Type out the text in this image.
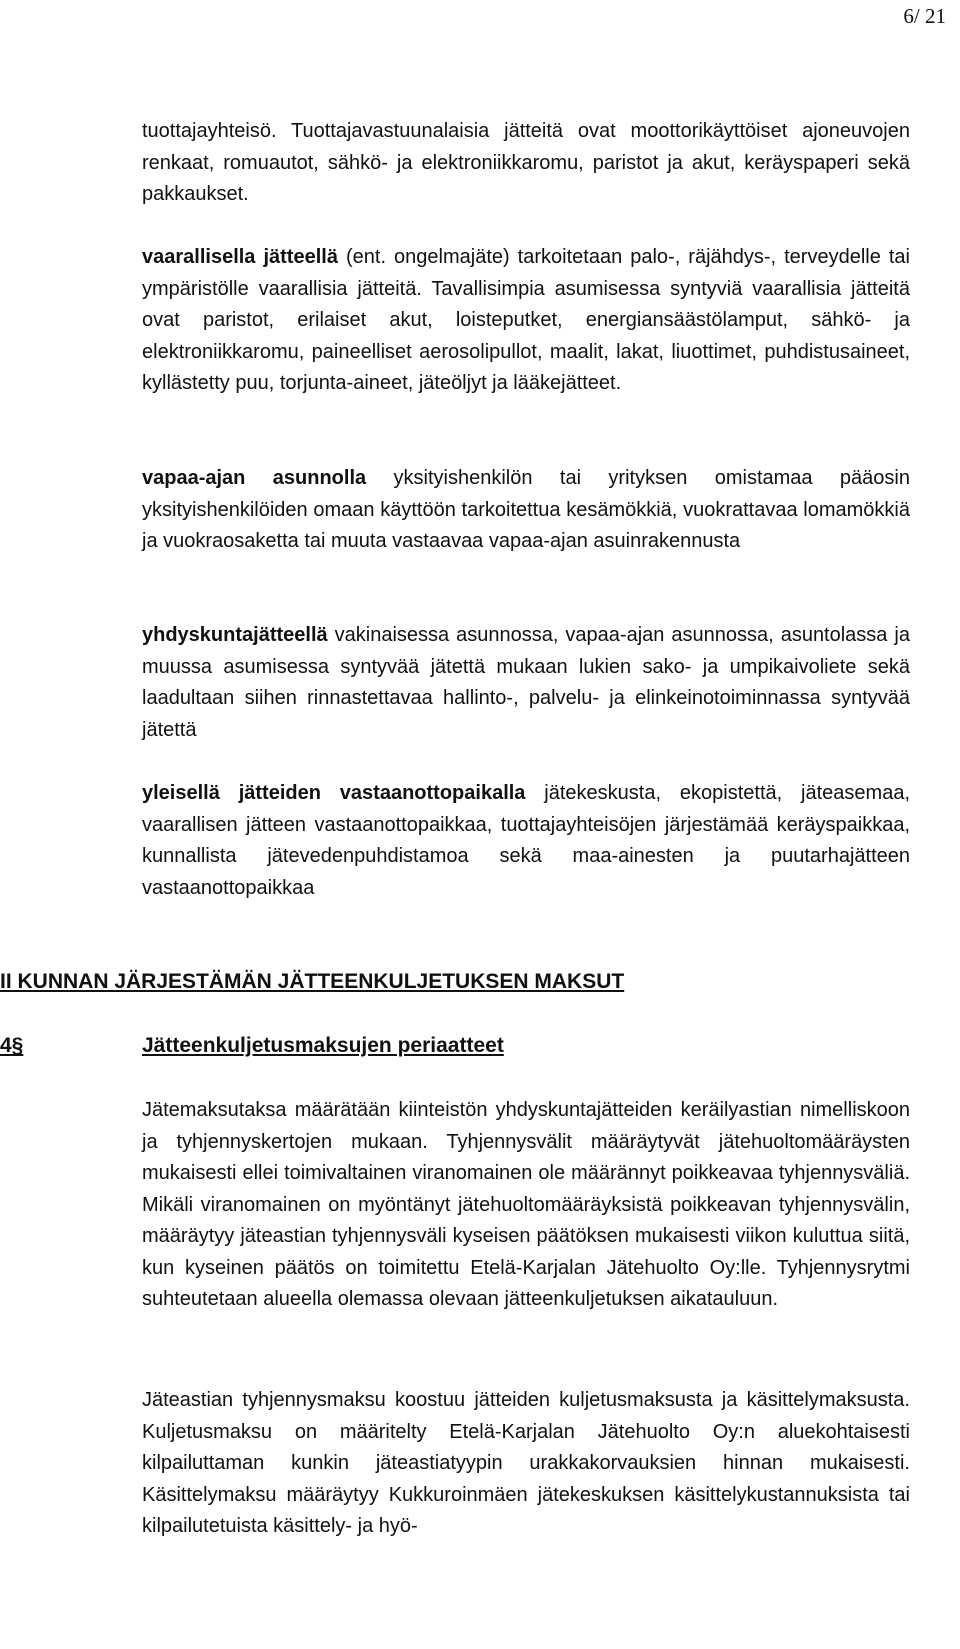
6/ 21

tuottajayhteisö. Tuottajavastuunalaisia jätteitä ovat moottorikäyttöiset ajoneuvojen renkaat, romuautot, sähkö- ja elektroniikkaromu, paristot ja akut, keräyspaperi sekä pakkaukset.

vaarallisella jätteellä (ent. ongelmajäte) tarkoitetaan palo-, räjähdys-, terveydelle tai ympäristölle vaarallisia jätteitä. Tavallisimpia asumisessa syntyviä vaarallisia jätteitä ovat paristot, erilaiset akut, loisteputket, energiansäästölamput, sähkö- ja elektroniikkaromu, paineelliset aerosolipullot, maalit, lakat, liuottimet, puhdistusaineet, kyllästetty puu, torjunta-aineet, jäteöljyt ja lääkejätteet.

vapaa-ajan asunnolla yksityishenkilön tai yrityksen omistamaa pääosin yksityishenkilöiden omaan käyttöön tarkoitettua kesämökkiä, vuokrattavaa lomamökkiä ja vuokraosaketta tai muuta vastaavaa vapaa-ajan asuinrakennusta

yhdyskuntajätteellä vakinaisessa asunnossa, vapaa-ajan asunnossa, asuntolassa ja muussa asumisessa syntyvää jätettä mukaan lukien sako- ja umpikaivoliete sekä laadultaan siihen rinnastettavaa hallinto-, palvelu- ja elinkeinotoiminnassa syntyvää jätettä

yleisellä jätteiden vastaanottopaikalla jätekeskusta, ekopistettä, jäteasemaa, vaarallisen jätteen vastaanottopaikkaa, tuottajayhteisöjen järjestämää keräyspaikkaa, kunnallista jätevedenpuhdistamoa sekä maa-ainesten ja puutarhajätteen vastaanottopaikkaa

II KUNNAN JÄRJESTÄMÄN JÄTTEENKULJETUKSEN MAKSUT
4§	Jätteenkuljetusmaksujen periaatteet

Jätemaksutaksa määrätään kiinteistön yhdyskuntajätteiden keräilyastian nimelliskoon ja tyhjennyskertojen mukaan. Tyhjennysvälit määräytyvät jätehuoltomääräysten mukaisesti ellei toimivaltainen viranomainen ole määrännyt poikkeavaa tyhjennysväliä. Mikäli viranomainen on myöntänyt jätehuoltomääräyksistä poikkeavan tyhjennysvälin, määräytyy jäteastian tyhjennysväli kyseisen päätöksen mukaisesti viikon kuluttua siitä, kun kyseinen päätös on toimitettu Etelä-Karjalan Jätehuolto Oy:lle. Tyhjennysrytmi suhteutetaan alueella olemassa olevaan jätteenkuljetuksen aikatauluun.

Jäteastian tyhjennysmaksu koostuu jätteiden kuljetusmaksusta ja käsittelymaksusta. Kuljetusmaksu on määritelty Etelä-Karjalan Jätehuolto Oy:n aluekohtaisesti kilpailuttaman kunkin jäteastiatyypin urakkakorvauksien hinnan mukaisesti. Käsittelymaksu määräytyy Kukkuroinmäen jätekeskuksen käsittelykustannuksista tai kilpailutetuista käsittely- ja hyö-
